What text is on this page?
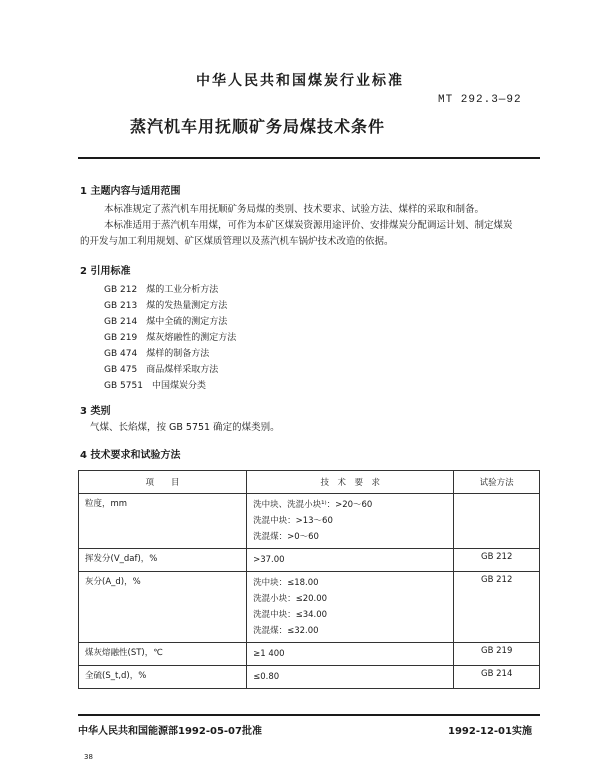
中华人民共和国煤炭行业标准
MT 292.3—92
蒸汽机车用抚顺矿务局煤技术条件
1 主题内容与适用范围
本标准规定了蒸汽机车用抚顺矿务局煤的类别、技术要求、试验方法、煤样的采取和制备。
本标准适用于蒸汽机车用煤，可作为本矿区煤炭资源用途评价、安排煤炭分配调运计划、制定煤炭
的开发与加工利用规划、矿区煤质管理以及蒸汽机车锅炉技术改造的依据。
2 引用标准
GB 212　 煤的工业分析方法
GB 213　 煤的发热量测定方法
GB 214　 煤中全硫的测定方法
GB 219　 煤灰熔融性的测定方法
GB 474　 煤样的制备方法
GB 475　 商品煤样采取方法
GB 5751　 中国煤炭分类
3 类别
气煤、长焰煤，按 GB 5751 确定的煤类别。
4 技术要求和试验方法
项　　目	技　术　要　求	试验方法
粒度，mm	洗中块、洗混小块¹⁾：>20～60
洗混中块：>13～60
洗混煤：>0～60	

挥发分(V_daf)，%	>37.00	GB 212
灰分(A_d)，%	洗中块：≤18.00
洗混小块：≤20.00
洗混中块：≤34.00
洗混煤：≤32.00	GB 212
煤灰熔融性(ST)，℃	≥1 400	GB 219
全硫(S_t,d)，%	≤0.80	GB 214
中华人民共和国能源部1992-05-07批准	1992-12-01实施
38
